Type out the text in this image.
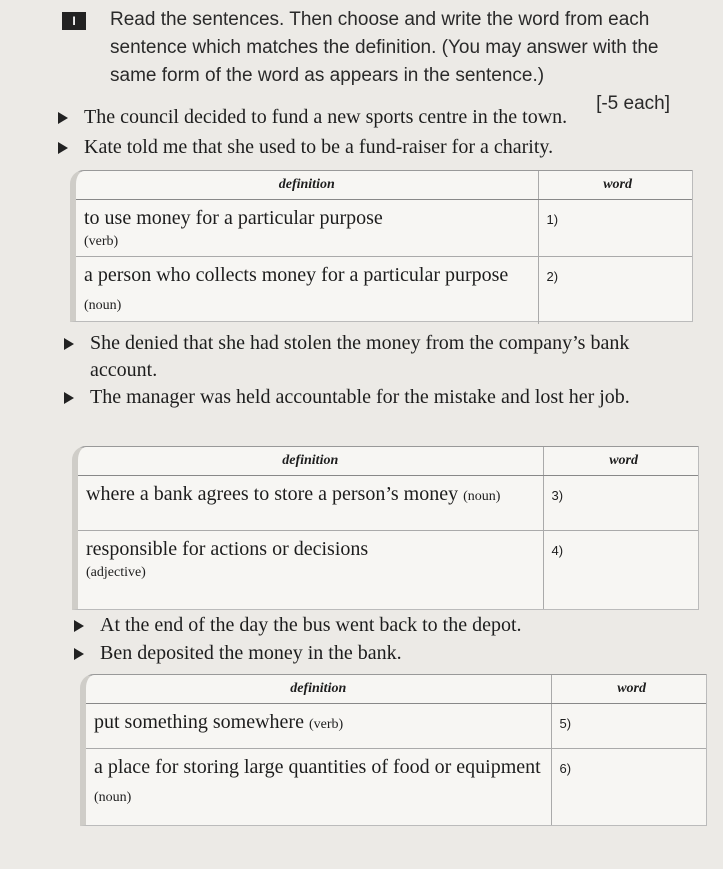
I	Read the sentences. Then choose and write the word from each sentence which matches the definition. (You may answer with the same form of the word as appears in the sentence.)
[-5 each]
The council decided to fund a new sports centre in the town.
Kate told me that she used to be a fund-raiser for a charity.
definition	word
to use money for a particular purpose
(verb)	1)
a person who collects money for a particular purpose (noun)	2)
She denied that she had stolen the money from the company’s bank account.
The manager was held accountable for the mistake and lost her job.
definition	word
where a bank agrees to store a person’s money (noun)	3)
responsible for actions or decisions
(adjective)	4)
At the end of the day the bus went back to the depot.
Ben deposited the money in the bank.
definition	word
put something somewhere (verb)	5)
a place for storing large quantities of food or equipment (noun)	6)
